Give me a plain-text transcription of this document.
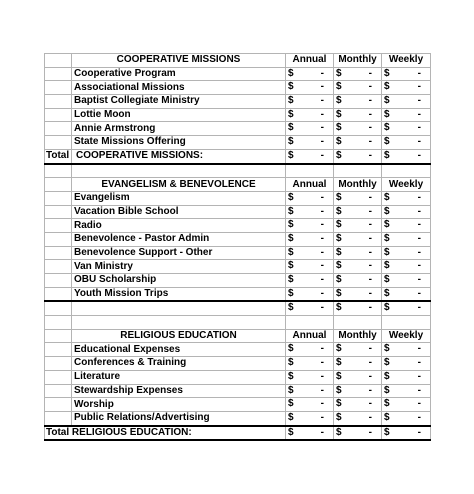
	COOPERATIVE MISSIONS	Annual	Monthly	Weekly
	Cooperative Program	$ -	$ -	$ -

	Associational Missions	$ -	$ -	$ -

	Baptist Collegiate Ministry	$ -	$ -	$ -

	Lottie Moon	$ -	$ -	$ -

	Annie Armstrong	$ -	$ -	$ -

	State Missions Offering	$ -	$ -	$ -

Total	COOPERATIVE MISSIONS:	$ -	$ -	$ -

	EVANGELISM & BENEVOLENCE	Annual	Monthly	Weekly
	Evangelism	$ -	$ -	$ -

	Vacation Bible School	$ -	$ -	$ -

	Radio	$ -	$ -	$ -

	Benevolence - Pastor Admin	$ -	$ -	$ -

	Benevolence Support - Other	$ -	$ -	$ -

	Van Ministry	$ -	$ -	$ -

	OBU Scholarship	$ -	$ -	$ -

	Youth Mission Trips	$ -	$ -	$ -

		$ -	$ -	$ -

	RELIGIOUS EDUCATION	Annual	Monthly	Weekly
	Educational Expenses	$ -	$ -	$ -

	Conferences & Training	$ -	$ -	$ -

	Literature	$ -	$ -	$ -

	Stewardship Expenses	$ -	$ -	$ -

	Worship	$ -	$ -	$ -

	Public Relations/Advertising	$ -	$ -	$ -

Total RELIGIOUS EDUCATION:		$ -	$ -	$ -
